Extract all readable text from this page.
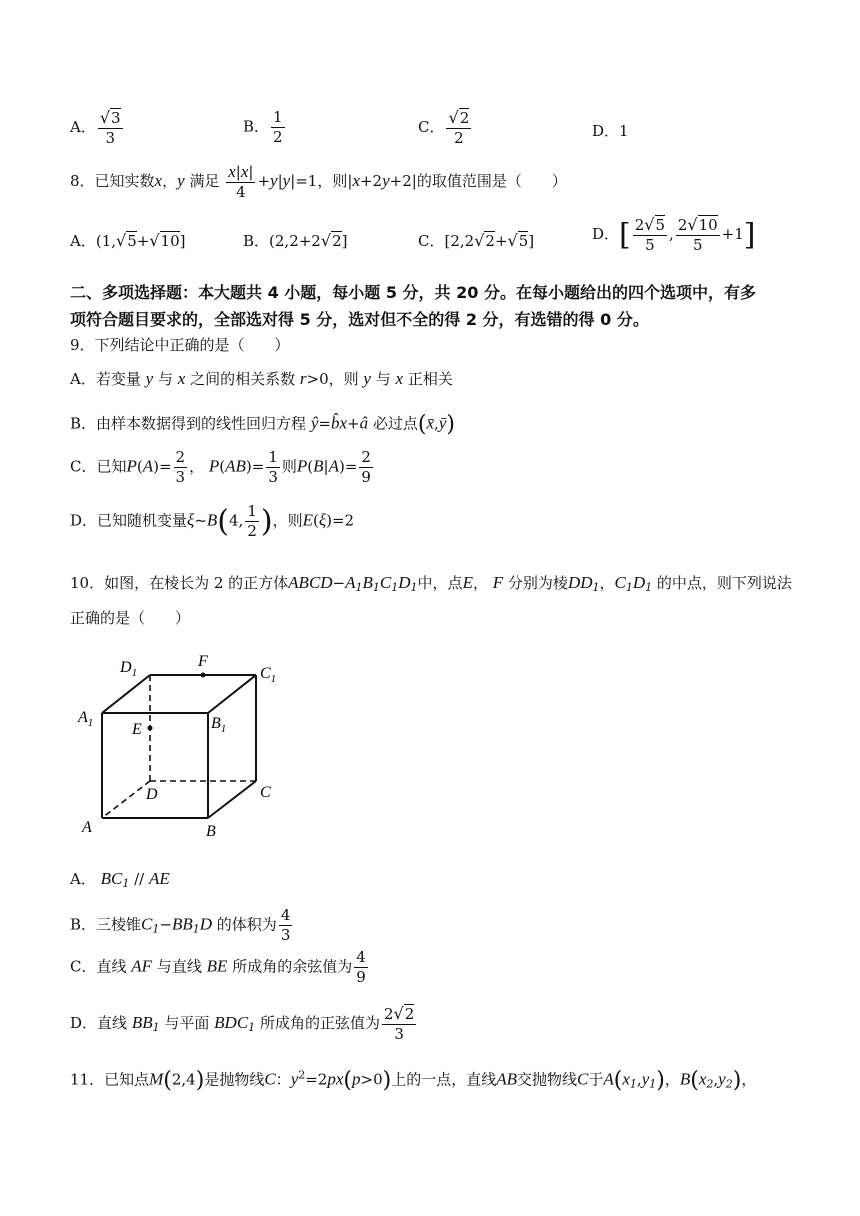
A． $\frac{√3}{3}$	B． $\frac{1}{2}$	C． $\frac{√2}{2}$	D．1
8．已知实数x，y 满足 $\frac{x|x|}{4} +y|y|=1$，则|x+2y+2|的取值范围是（　　）
A．(1,√5+√10]	B．(2,2+2√2]	C．[2,2√2+√5]	D．[ $\frac{2√5}{5}$ , $\frac{2√10}{5} +1$]
二、多项选择题：本大题共 4 小题，每小题 5 分，共 20 分。在每小题给出的四个选项中，有多
项符合题目要求的，全部选对得 5 分，选对但不全的得 2 分，有选错的得 0 分。
9．下列结论中正确的是（　　）
A．若变量 y 与 x 之间的相关系数 r>0，则 y 与 x 正相关
B．由样本数据得到的线性回归方程 ŷ=b̂x+â 必过点(x̄,ȳ)
C．已知$P(A)= \frac{2}{3}$ ， $P(AB)= \frac{1}{3}$ 则$P(B|A)= \frac{2}{9}$
D．已知随机变量ξ~B(4, $\frac{1}{2}$ )，则E(ξ)=2
10．如图，在棱长为 2 的正方体$ABCD-A_1B_1C_1D_1$中，点E， F 分别为棱$DD_1$，$C_1D_1$ 的中点，则下列说法
正确的是（　　）
$D_1$
F
$C_1$
$A_1$ E	$B_1$
D	C
A	B
A． $BC_1$ // AE
B．三棱锥$C_1-BB_1D$ 的体积为 $\frac{4}{3}$
C．直线 AF 与直线 BE 所成角的余弦值为 $\frac{4}{9}$
D．直线 $BB_1$ 与平面 $BDC_1$ 所成角的正弦值为 $\frac{2√2}{3}$
11．已知点M(2,4)是抛物线C：$y^2=2px(p>0)$上的一点，直线AB交抛物线C于$A(x_1,y_1)$，$B(x_2,y_2)$，
